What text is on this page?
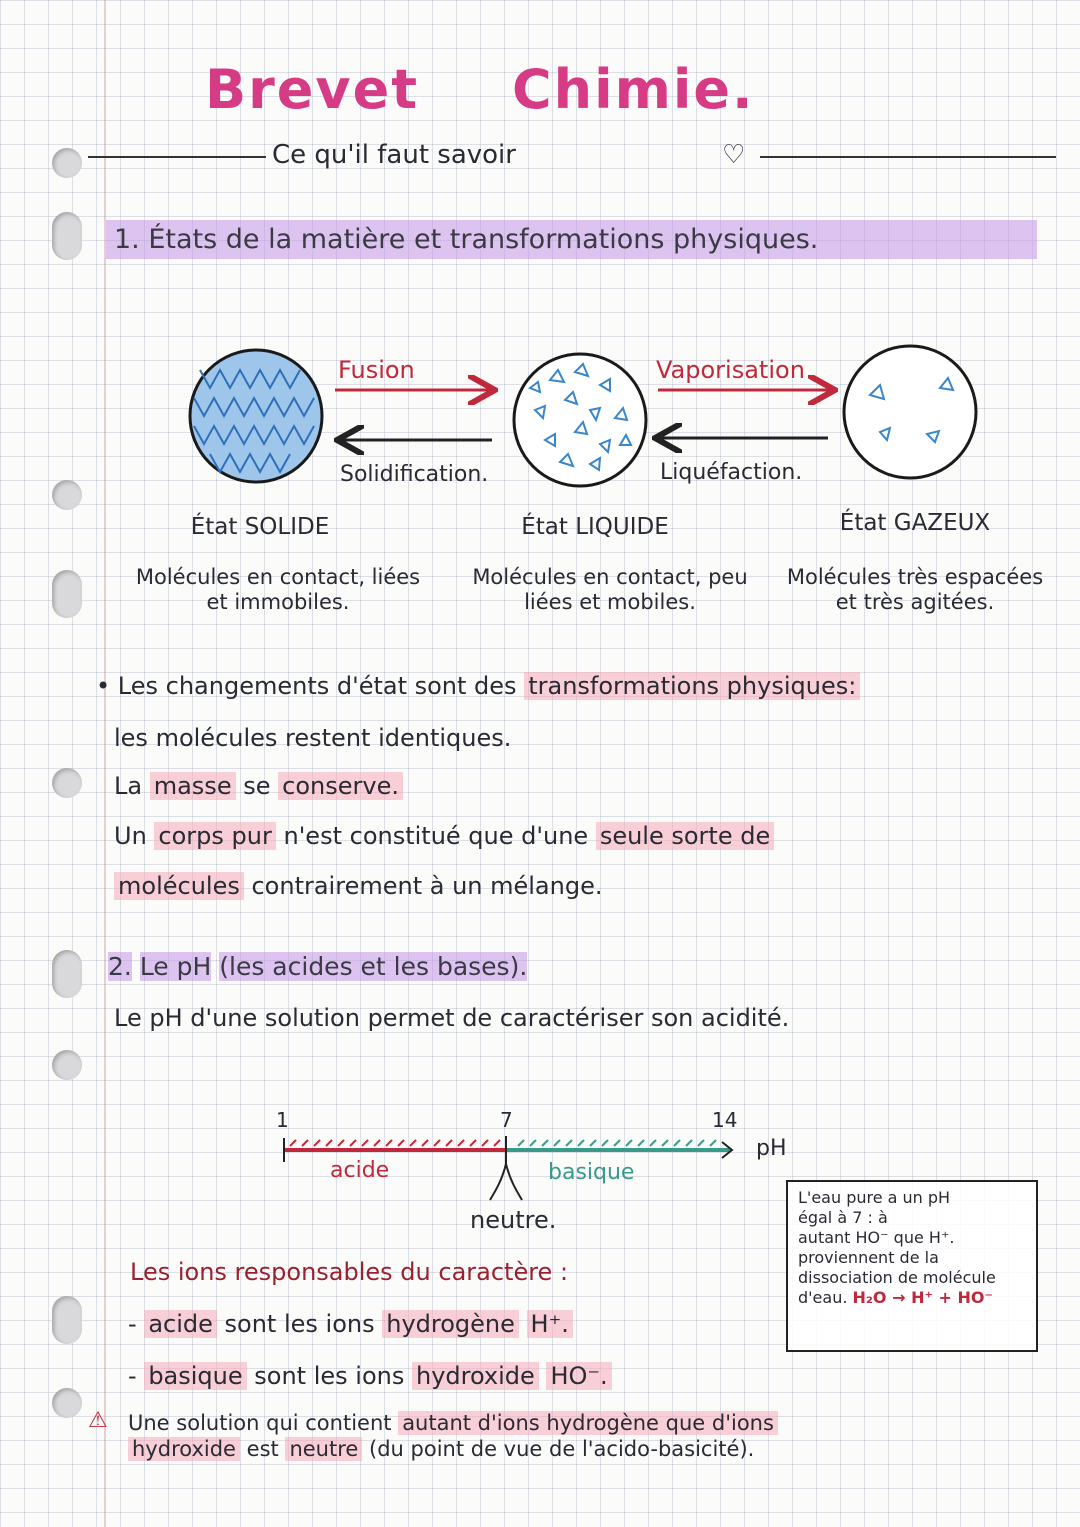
Brevet Chimie.
Ce qu'il faut savoir	♡
1. États de la matière et transformations physiques.
Fusion
Solidification.
Vaporisation
Liquéfaction.
État SOLIDE	État LIQUIDE	État GAZEUX
Molécules en contact, liées et immobiles.
Molécules en contact, peu liées et mobiles.
Molécules très espacées et très agitées.
• Les changements d'état sont des transformations physiques:
les molécules restent identiques.
La masse se conserve.
Un corps pur n'est constitué que d'une seule sorte de
molécules contrairement à un mélange.
2. Le pH (les acides et les bases).
Le pH d'une solution permet de caractériser son acidité.
1	7	14
pH
acide	basique
neutre.
L'eau pure a un pH
égal à 7 : à
autant HO⁻ que H⁺.
proviennent de la
dissociation de molécule
d'eau. H₂O → H⁺ + HO⁻
Les ions responsables du caractère :
- acide sont les ions hydrogène H⁺.
- basique sont les ions hydroxide HO⁻.
⚠ Une solution qui contient autant d'ions hydrogène que d'ions
hydroxide est neutre (du point de vue de l'acido-basicité).
